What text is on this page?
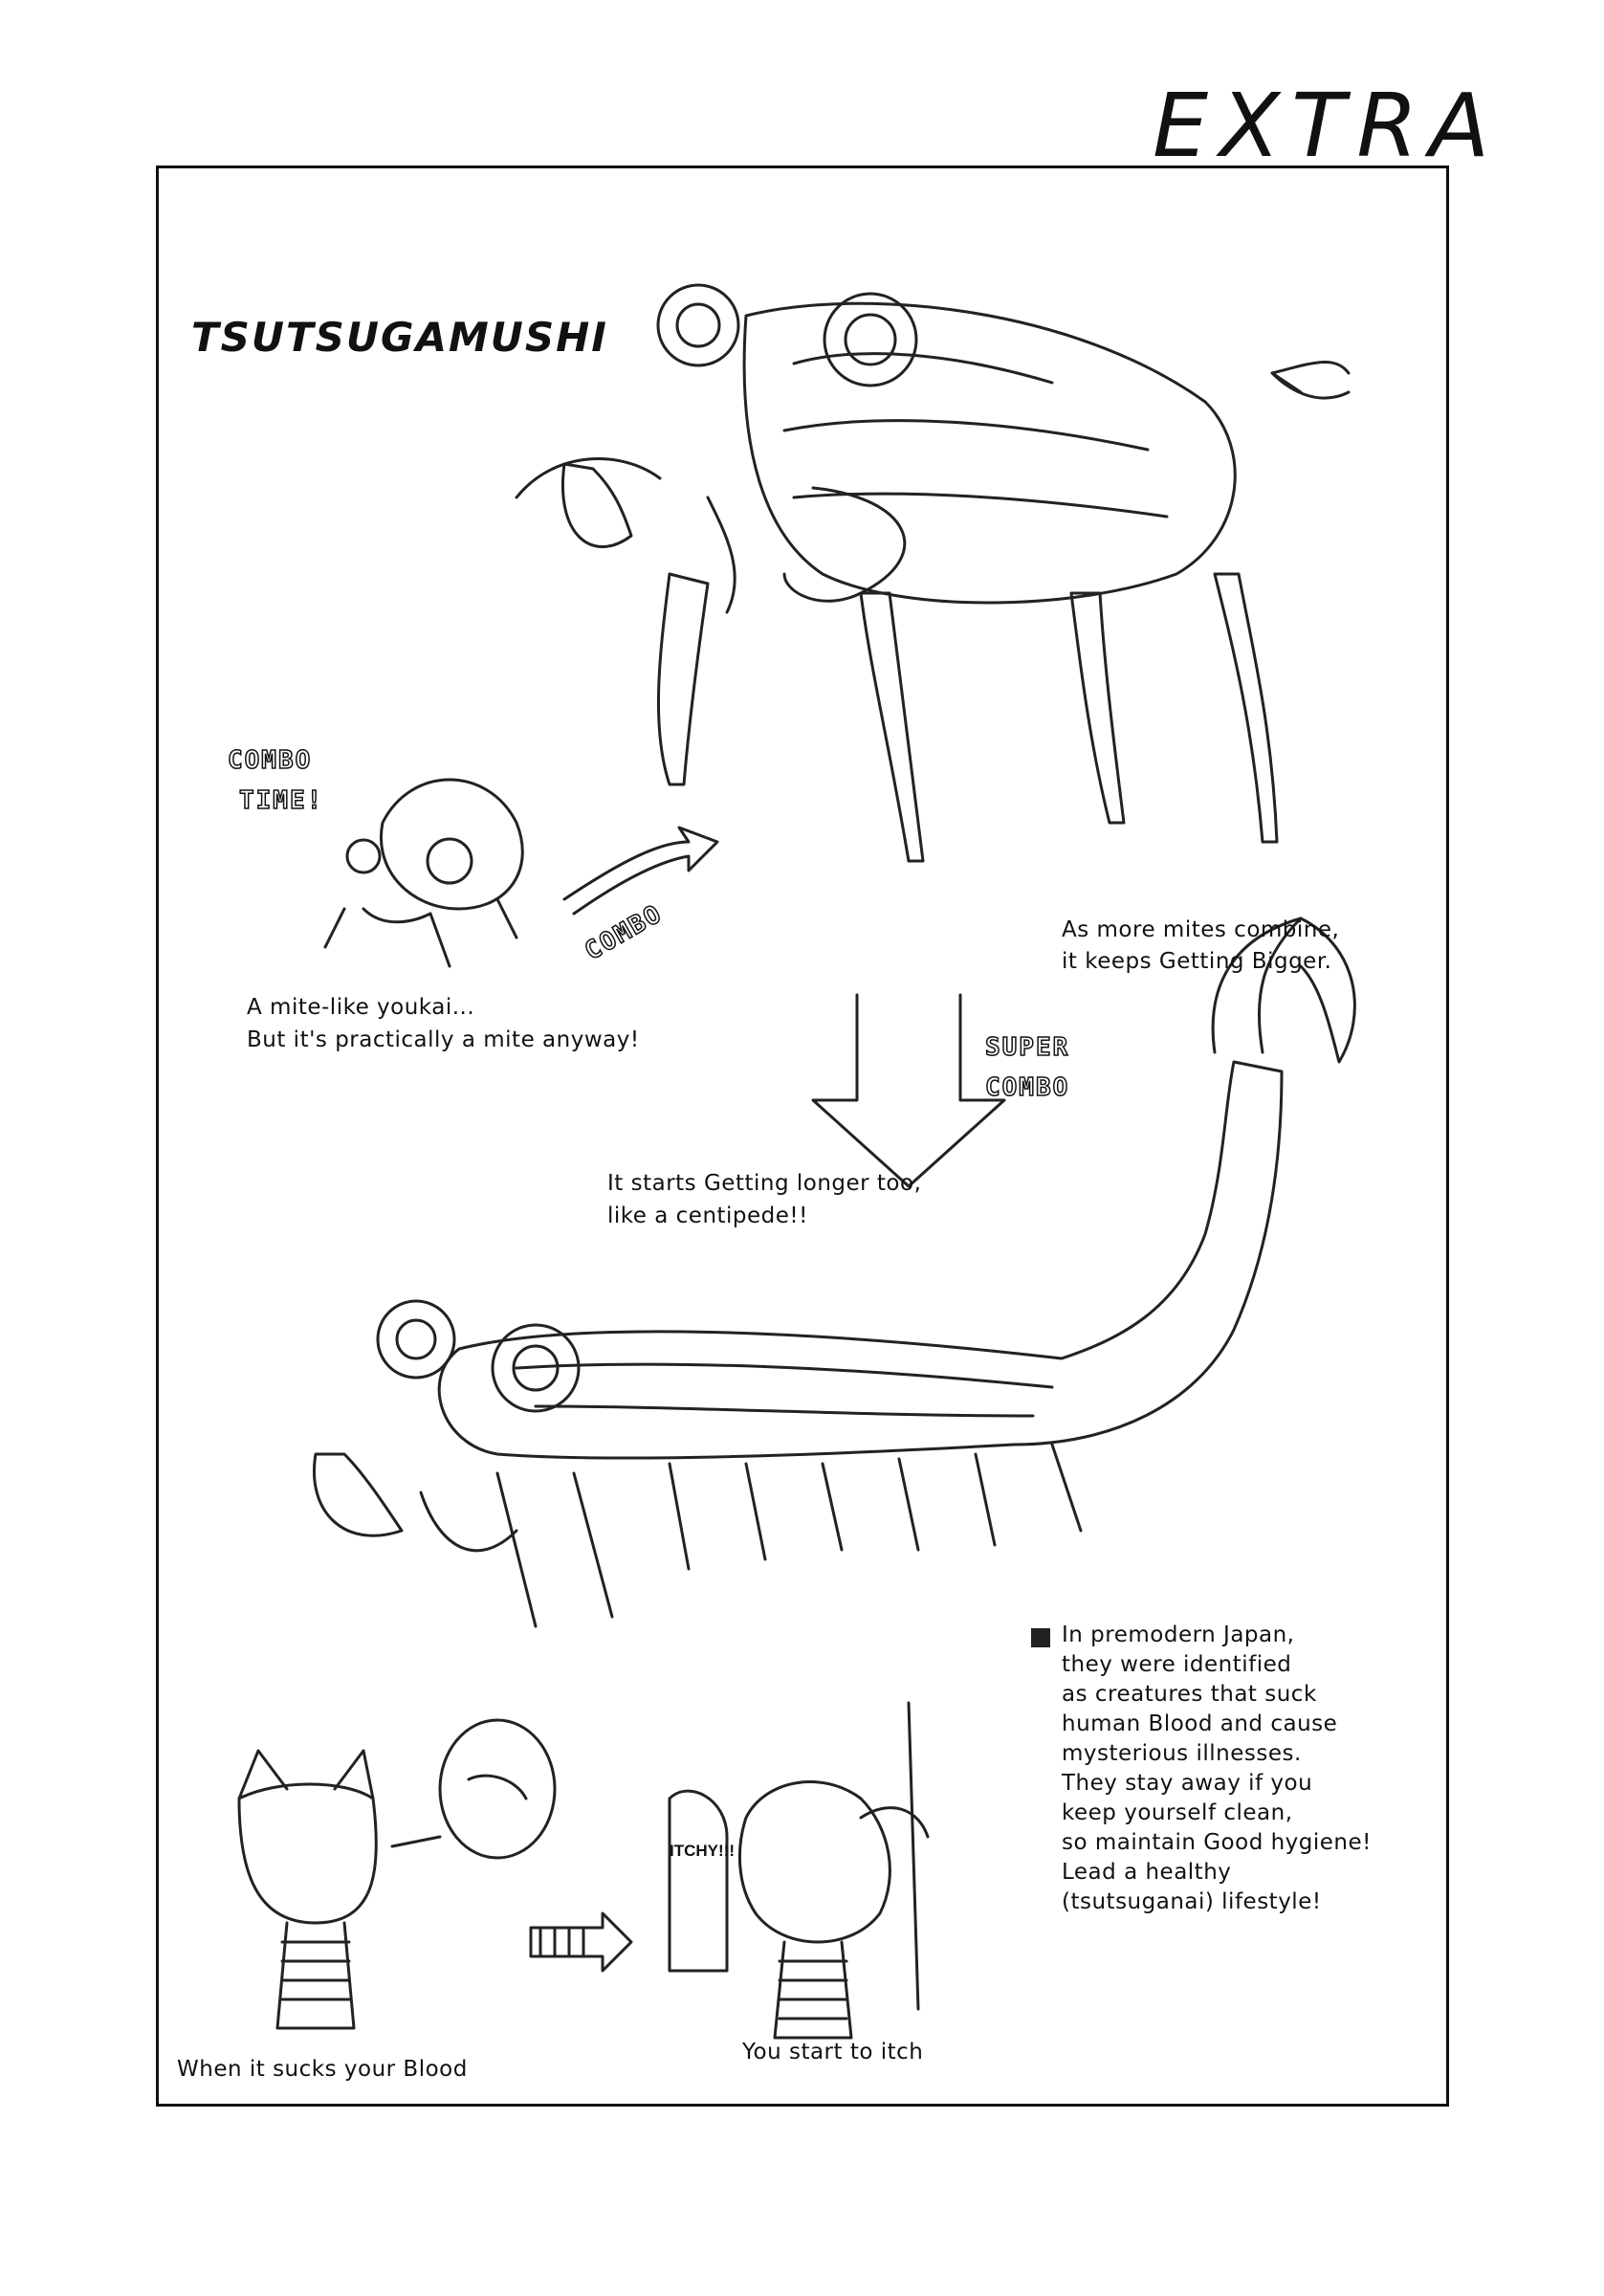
EXTRA
TSUTSUGAMUSHI
COMBO
TIME!
COMBO
SUPER
COMBO
As more mites combine,
it keeps Getting Bigger.
A mite-like youkai...
But it's practically a mite anyway!
It starts Getting longer too,
like a centipede!!
In premodern Japan,
they were identified
as creatures that suck
human Blood and cause
mysterious illnesses.
They stay away if you
keep yourself clean,
so maintain Good hygiene!
Lead a healthy
(tsutsuganai) lifestyle!
ITCHY!!!
When it sucks your Blood
You start to itch
